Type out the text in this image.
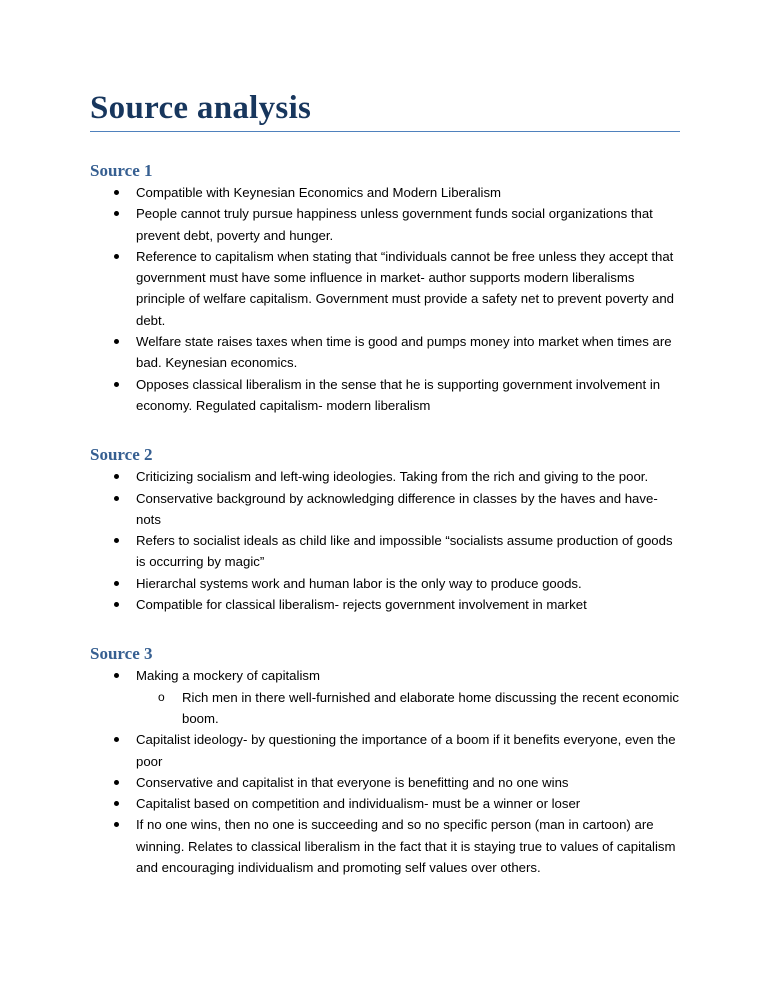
Source analysis
Source 1
Compatible with Keynesian Economics and Modern Liberalism
People cannot truly pursue happiness unless government funds social organizations that prevent debt, poverty and hunger.
Reference to capitalism when stating that “individuals cannot be free unless they accept that government must have some influence in market- author supports modern liberalisms principle of welfare capitalism. Government must provide a safety net to prevent poverty and debt.
Welfare state raises taxes when time is good and pumps money into market when times are bad. Keynesian economics.
Opposes classical liberalism in the sense that he is supporting government involvement in economy. Regulated capitalism- modern liberalism
Source 2
Criticizing socialism and left-wing ideologies. Taking from the rich and giving to the poor.
Conservative background by acknowledging difference in classes by the haves and have-nots
Refers to socialist ideals as child like and impossible “socialists assume production of goods is occurring by magic”
Hierarchal systems work and human labor is the only way to produce goods.
Compatible for classical liberalism- rejects government involvement in market
Source 3
Making a mockery of capitalism
o Rich men in there well-furnished and elaborate home discussing the recent economic boom.
Capitalist ideology- by questioning the importance of a boom if it benefits everyone, even the poor
Conservative and capitalist in that everyone is benefitting and no one wins
Capitalist based on competition and individualism- must be a winner or loser
If no one wins, then no one is succeeding and so no specific person (man in cartoon) are winning. Relates to classical liberalism in the fact that it is staying true to values of capitalism and encouraging individualism and promoting self values over others.
